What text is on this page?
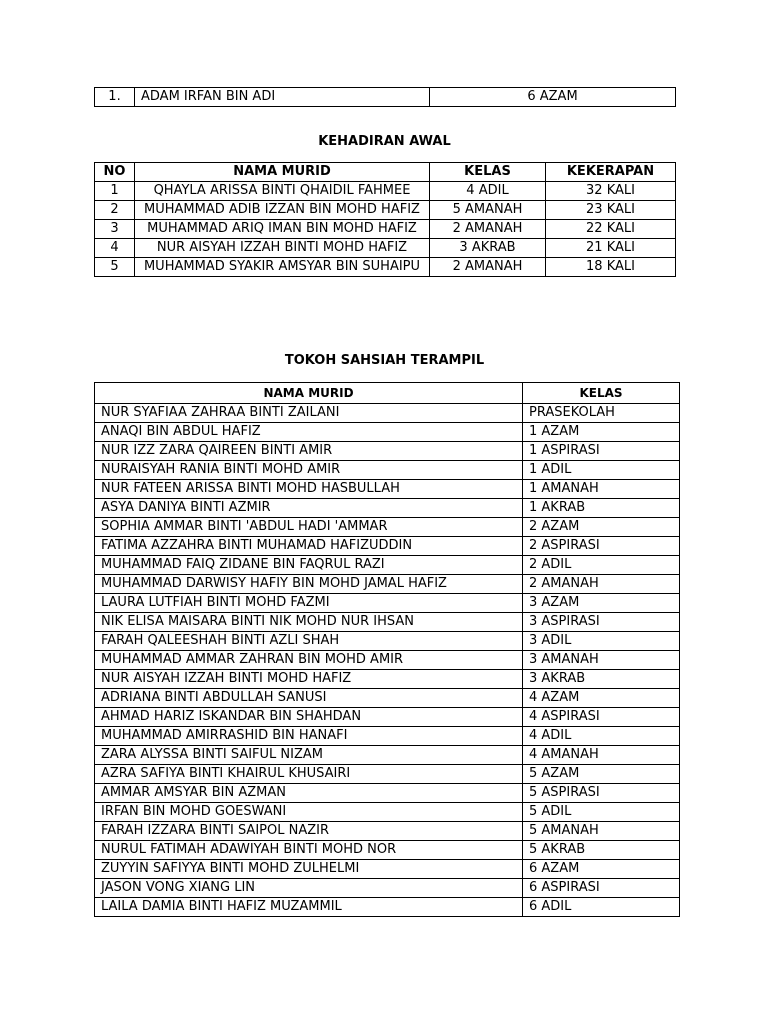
1.	ADAM IRFAN BIN ADI	6 AZAM
KEHADIRAN AWAL
NO	NAMA MURID	KELAS	KEKERAPAN
1	QHAYLA ARISSA BINTI QHAIDIL FAHMEE	4 ADIL	32 KALI
2	MUHAMMAD ADIB IZZAN BIN MOHD HAFIZ	5 AMANAH	23 KALI
3	MUHAMMAD ARIQ IMAN BIN MOHD HAFIZ	2 AMANAH	22 KALI
4	NUR AISYAH IZZAH BINTI MOHD HAFIZ	3 AKRAB	21 KALI
5	MUHAMMAD SYAKIR AMSYAR BIN SUHAIPU	2 AMANAH	18 KALI
TOKOH SAHSIAH TERAMPIL
NAMA MURID	KELAS
NUR SYAFIAA ZAHRAA BINTI ZAILANI	PRASEKOLAH
ANAQI BIN ABDUL HAFIZ	1 AZAM
NUR IZZ ZARA QAIREEN BINTI AMIR	1 ASPIRASI
NURAISYAH RANIA BINTI MOHD AMIR	1 ADIL
NUR FATEEN ARISSA BINTI MOHD HASBULLAH	1 AMANAH
ASYA DANIYA BINTI AZMIR	1 AKRAB
SOPHIA AMMAR BINTI 'ABDUL HADI 'AMMAR	2 AZAM
FATIMA AZZAHRA BINTI MUHAMAD HAFIZUDDIN	2 ASPIRASI
MUHAMMAD FAIQ ZIDANE BIN FAQRUL RAZI	2 ADIL
MUHAMMAD DARWISY HAFIY BIN MOHD JAMAL HAFIZ	2 AMANAH
LAURA LUTFIAH BINTI MOHD FAZMI	3 AZAM
NIK ELISA MAISARA BINTI NIK MOHD NUR IHSAN	3 ASPIRASI
FARAH QALEESHAH BINTI AZLI SHAH	3 ADIL
MUHAMMAD AMMAR ZAHRAN BIN MOHD AMIR	3 AMANAH
NUR AISYAH IZZAH BINTI MOHD HAFIZ	3 AKRAB
ADRIANA BINTI ABDULLAH SANUSI	4 AZAM
AHMAD HARIZ ISKANDAR BIN SHAHDAN	4 ASPIRASI
MUHAMMAD AMIRRASHID BIN HANAFI	4 ADIL
ZARA ALYSSA BINTI SAIFUL NIZAM	4 AMANAH
AZRA SAFIYA BINTI KHAIRUL KHUSAIRI	5 AZAM
AMMAR AMSYAR BIN AZMAN	5 ASPIRASI
IRFAN BIN MOHD GOESWANI	5 ADIL
FARAH IZZARA BINTI SAIPOL NAZIR	5 AMANAH
NURUL FATIMAH ADAWIYAH BINTI MOHD NOR	5 AKRAB
ZUYYIN SAFIYYA BINTI MOHD ZULHELMI	6 AZAM
JASON VONG XIANG LIN	6 ASPIRASI
LAILA DAMIA BINTI HAFIZ MUZAMMIL	6 ADIL
